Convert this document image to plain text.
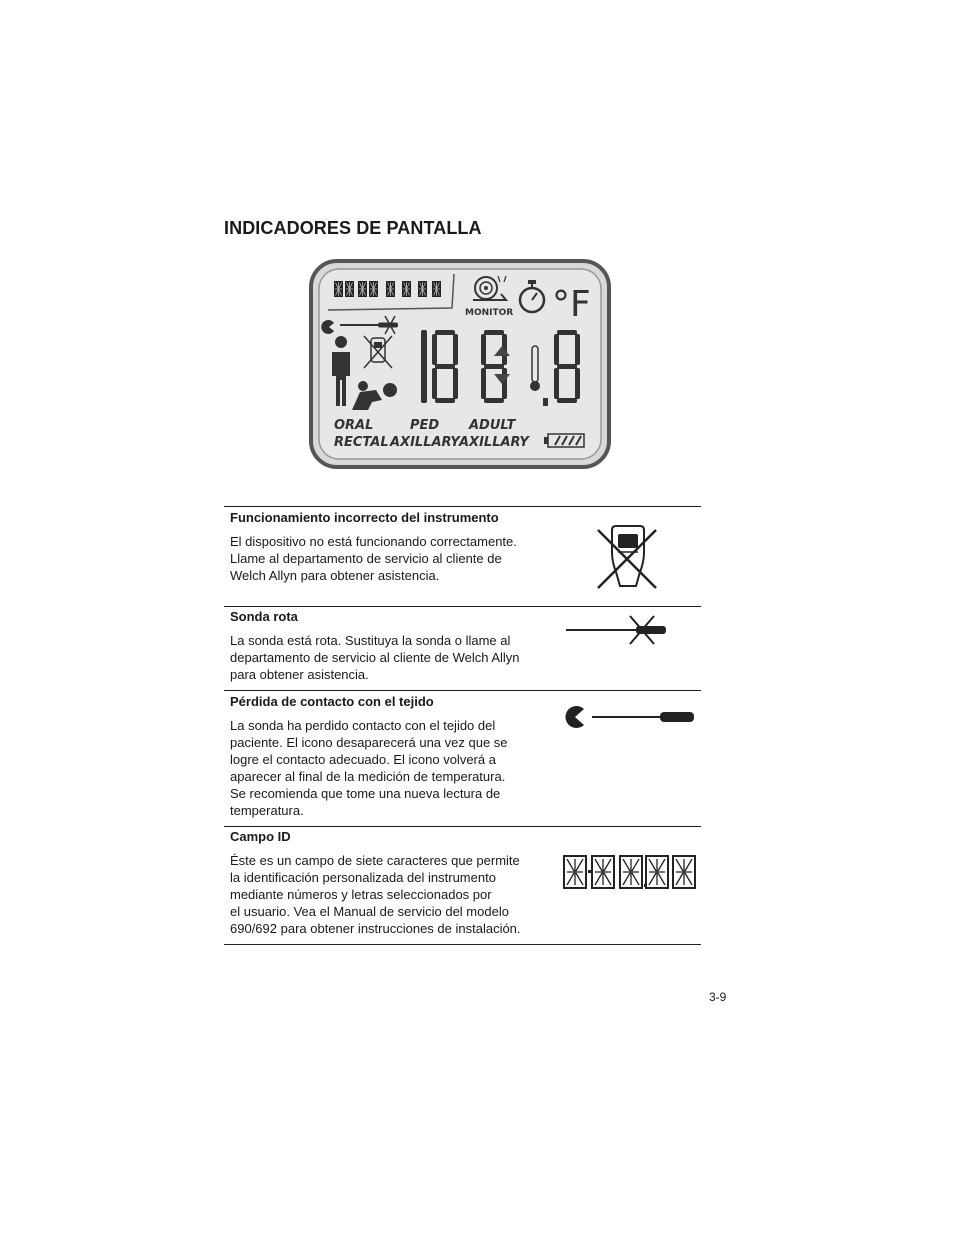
INDICADORES DE PANTALLA
MONITOR °F
ORAL	PED ADULT
RECTAL AXILLARY AXILLARY
Funcionamiento incorrecto del instrumento

El dispositivo no está funcionando correctamente.
Llame al departamento de servicio al cliente de
Welch Allyn para obtener asistencia.

Sonda rota

La sonda está rota. Sustituya la sonda o llame al
departamento de servicio al cliente de Welch Allyn
para obtener asistencia.

Pérdida de contacto con el tejido

La sonda ha perdido contacto con el tejido del
paciente. El icono desaparecerá una vez que se
logre el contacto adecuado. El icono volverá a
aparecer al final de la medición de temperatura.
Se recomienda que tome una nueva lectura de
temperatura.

Campo ID

Éste es un campo de siete caracteres que permite
la identificación personalizada del instrumento
mediante números y letras seleccionados por
el usuario. Vea el Manual de servicio del modelo
690/692 para obtener instrucciones de instalación.

3-9
